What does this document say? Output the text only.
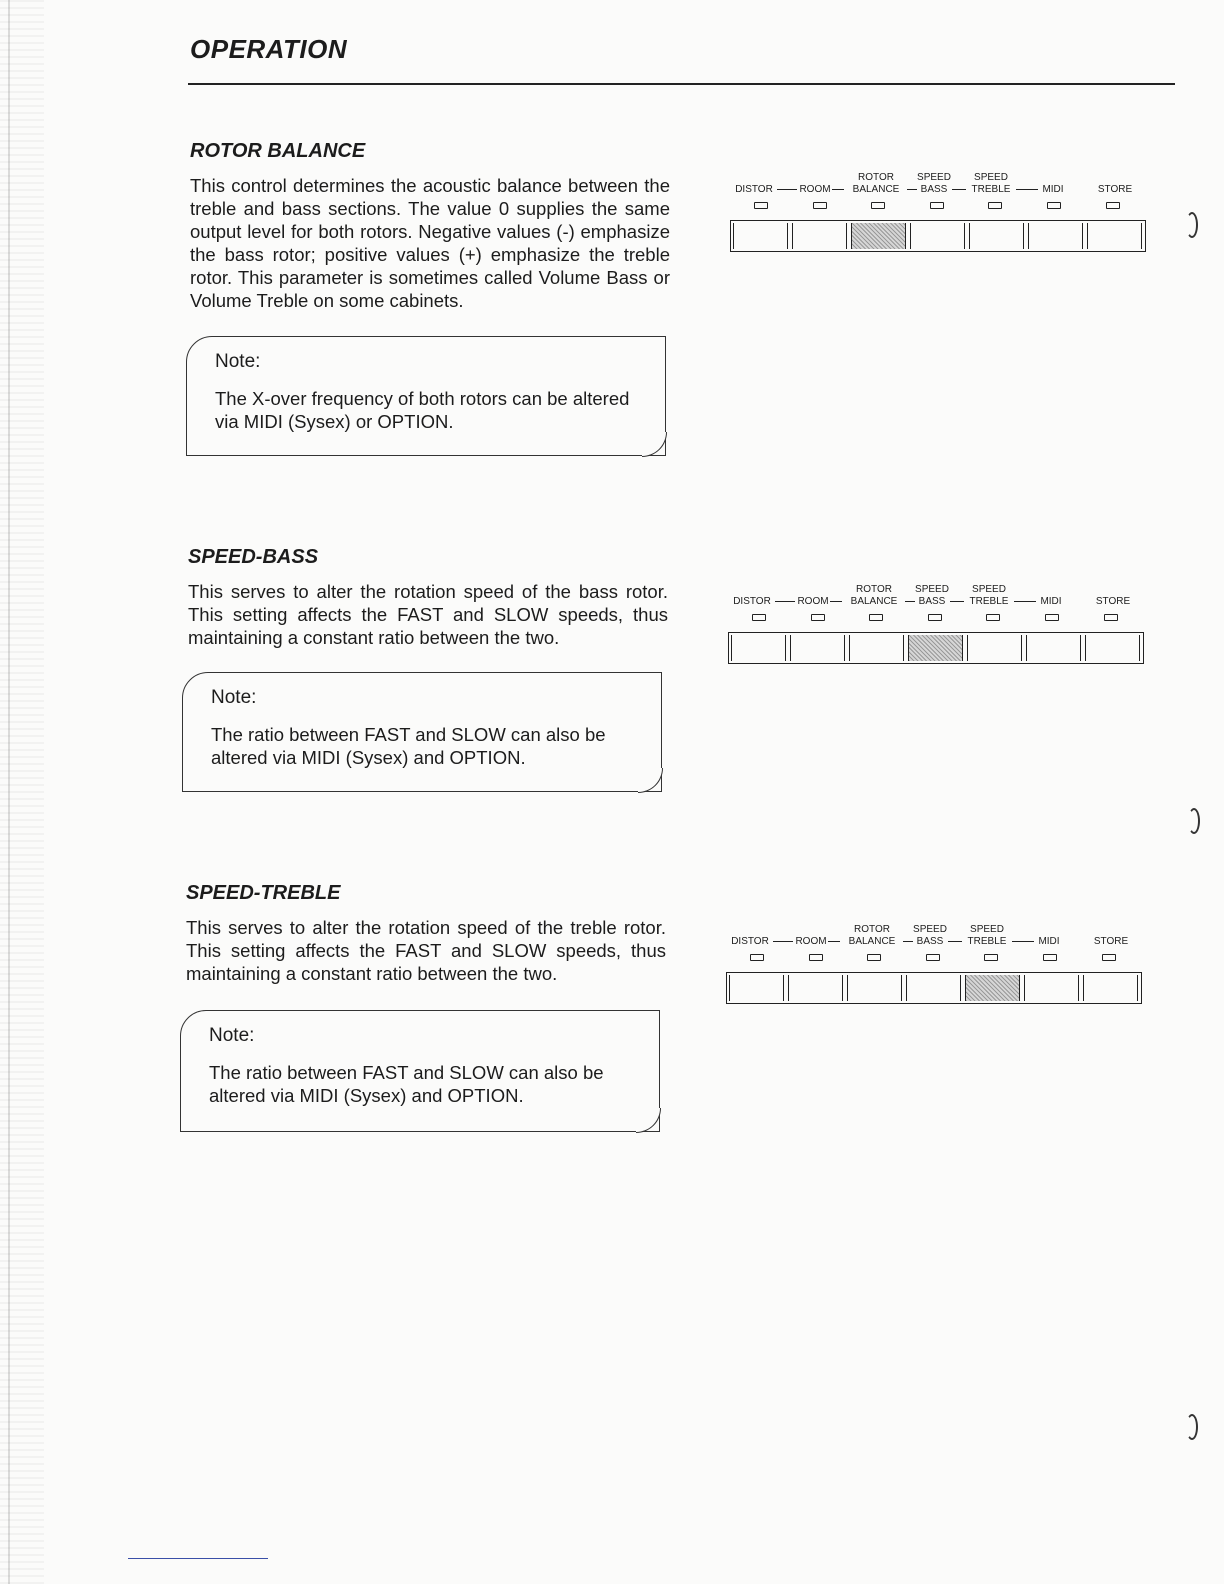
OPERATION
ROTOR BALANCE

This control determines the acoustic balance between the treble and bass sections. The value 0 supplies the same output level for both rotors. Negative values (-) emphasize the bass rotor; positive values (+) emphasize the treble rotor. This parameter is sometimes called Volume Bass or Volume Treble on some cabinets.

Note:

The X-over frequency of both rotors can be altered via MIDI (Sysex) or OPTION.

DISTOR	ROOM
ROTOR
BALANCE
SPEED
BASS
SPEED
TREBLE	MIDI	STORE
SPEED-BASS

This serves to alter the rotation speed of the bass rotor. This setting affects the FAST and SLOW speeds, thus maintaining a constant ratio between the two.

Note:

The ratio between FAST and SLOW can also be altered via MIDI (Sysex) and OPTION.

DISTOR	ROOM
ROTOR
BALANCE
SPEED
BASS
SPEED
TREBLE	MIDI	STORE
SPEED-TREBLE

This serves to alter the rotation speed of the treble rotor. This setting affects the FAST and SLOW speeds, thus maintaining a constant ratio between the two.

Note:

The ratio between FAST and SLOW can also be altered via MIDI (Sysex) and OPTION.

DISTOR	ROOM
ROTOR
BALANCE
SPEED
BASS
SPEED
TREBLE	MIDI	STORE
